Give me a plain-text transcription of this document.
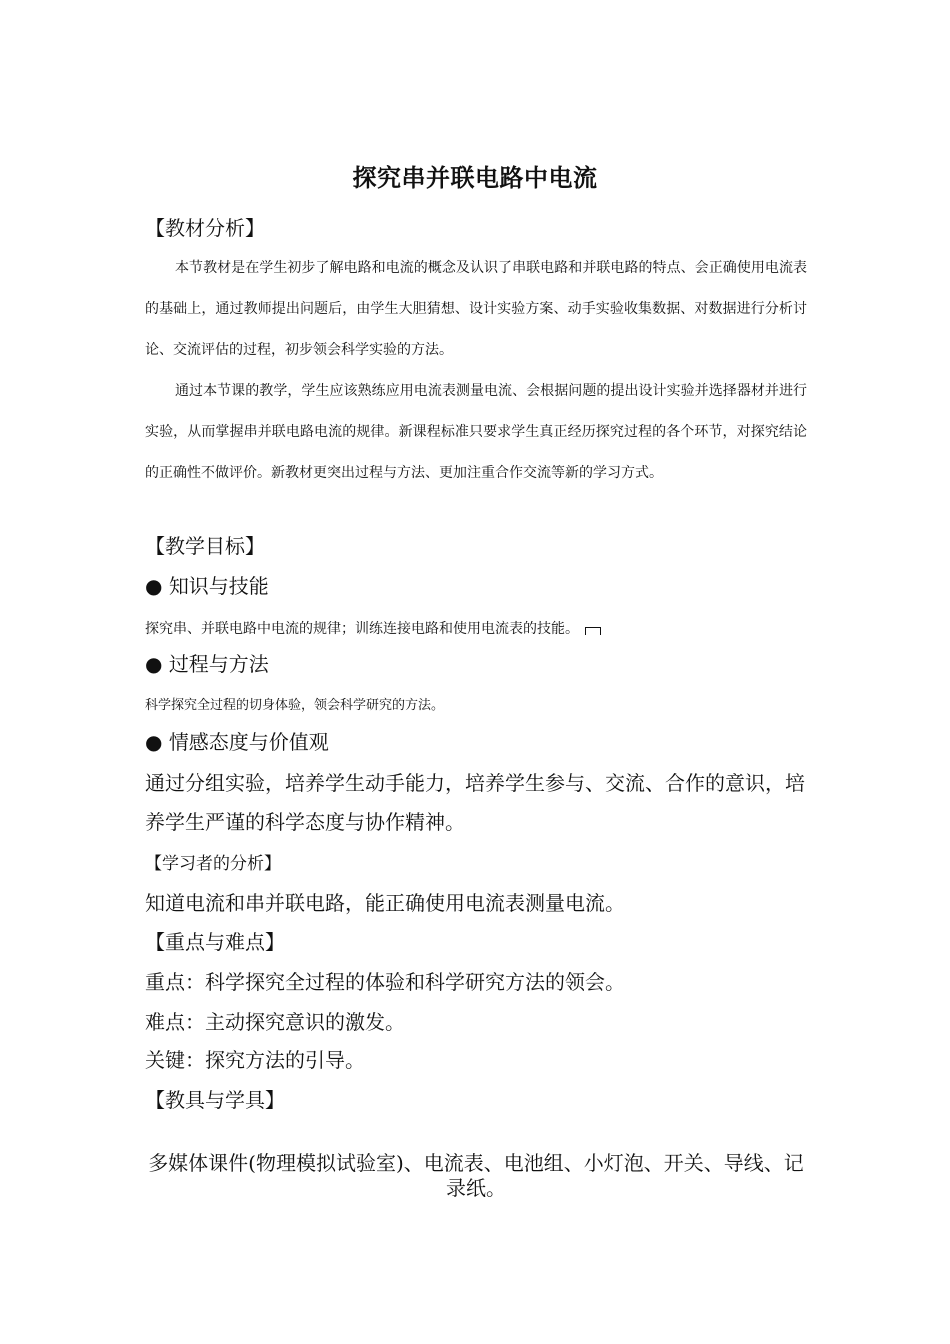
探究串并联电路中电流
【教材分析】
本节教材是在学生初步了解电路和电流的概念及认识了串联电路和并联电路的特点、会正确使用电流表的基础上，通过教师提出问题后，由学生大胆猜想、设计实验方案、动手实验收集数据、对数据进行分析讨论、交流评估的过程，初步领会科学实验的方法。
通过本节课的教学，学生应该熟练应用电流表测量电流、会根据问题的提出设计实验并选择器材并进行实验，从而掌握串并联电路电流的规律。新课程标准只要求学生真正经历探究过程的各个环节，对探究结论的正确性不做评价。新教材更突出过程与方法、更加注重合作交流等新的学习方式。
【教学目标】
● 知识与技能
探究串、并联电路中电流的规律；训练连接电路和使用电流表的技能。
● 过程与方法
科学探究全过程的切身体验，领会科学研究的方法。
● 情感态度与价值观
通过分组实验，培养学生动手能力，培养学生参与、交流、合作的意识，培养学生严谨的科学态度与协作精神。
【学习者的分析】
知道电流和串并联电路，能正确使用电流表测量电流。
【重点与难点】
重点：科学探究全过程的体验和科学研究方法的领会。
难点：主动探究意识的激发。
关键：探究方法的引导。
【教具与学具】
多媒体课件(物理模拟试验室)、电流表、电池组、小灯泡、开关、导线、记录纸。
